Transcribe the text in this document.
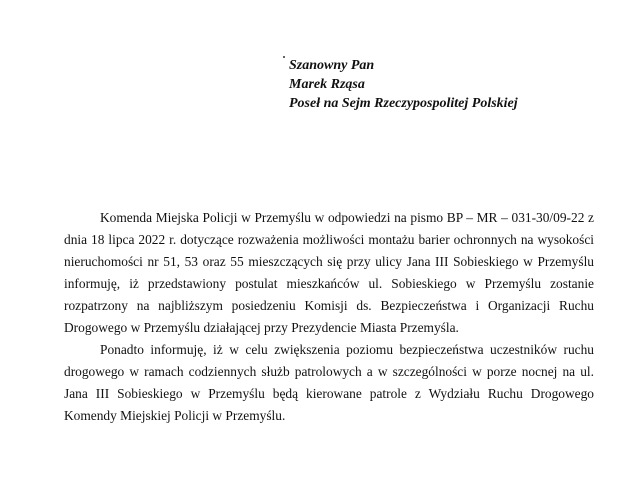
Szanowny Pan
Marek Rząsa
Poseł na Sejm Rzeczypospolitej Polskiej

Komenda Miejska Policji w Przemyślu w odpowiedzi na pismo BP – MR – 031-30/09-22 z dnia 18 lipca 2022 r. dotyczące rozważenia możliwości montażu barier ochronnych na wysokości nieruchomości nr 51, 53 oraz 55 mieszczących się przy ulicy Jana III Sobieskiego w Przemyślu informuję, iż przedstawiony postulat mieszkańców ul. Sobieskiego w Przemyślu zostanie rozpatrzony na najbliższym posiedzeniu Komisji ds. Bezpieczeństwa i Organizacji Ruchu Drogowego w Przemyślu działającej przy Prezydencie Miasta Przemyśla.

Ponadto informuję, iż w celu zwiększenia poziomu bezpieczeństwa uczestników ruchu drogowego w ramach codziennych służb patrolowych a w szczególności w porze nocnej na ul. Jana III Sobieskiego w Przemyślu będą kierowane patrole z Wydziału Ruchu Drogowego Komendy Miejskiej Policji w Przemyślu.
